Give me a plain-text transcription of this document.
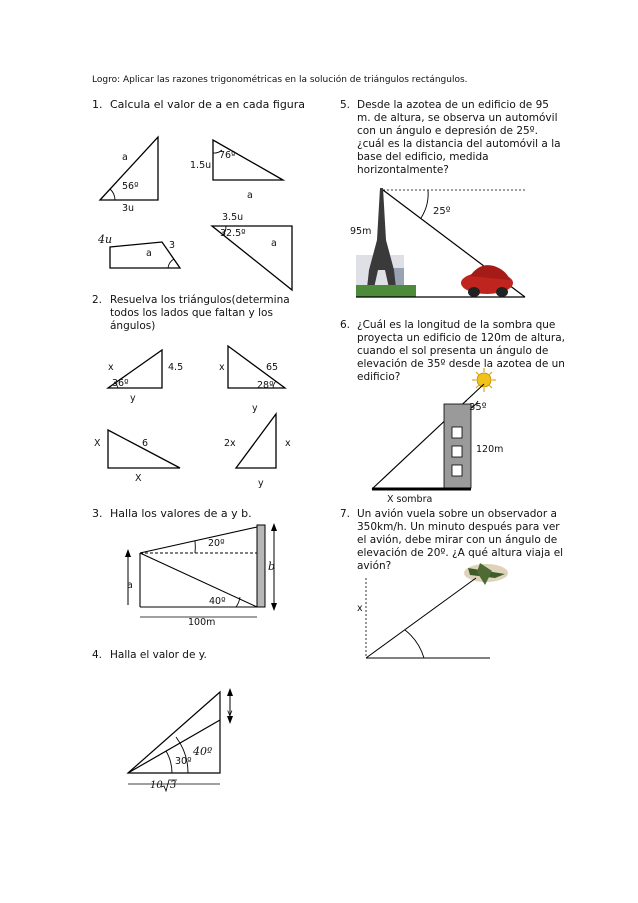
Logro: Aplicar las razones trigonométricas en la solución de triángulos rectángulos.
1. Calcula el valor de a en cada figura
a
56º
3u
76º
1.5u
a
4u	3
a
3.5u
32.5º
a
2. Resuelva los triángulos(determina
todos los lados que faltan y los
ángulos)
x	4.5
36º
y
x	65
28º
y
X	6
X
2x	x
y
3. Halla los valores de a y b.
20º
40º
a
b
100m
4. Halla el valor de y.
40º
30º
y
10 3
5. Desde la azotea de un edificio de 95
m. de altura, se observa un automóvil
con un ángulo e depresión de 25º.
¿cuál es la distancia del automóvil a la
base del edificio, medida
horizontalmente?
25º
95m
6. ¿Cuál es la longitud de la sombra que
proyecta un edificio de 120m de altura,
cuando el sol presenta un ángulo de
elevación de 35º desde la azotea de un
edificio?
35º
120m
X sombra
7. Un avión vuela sobre un observador a
350km/h. Un minuto después para ver
el avión, debe mirar con un ángulo de
elevación de 20º. ¿A qué altura viaja el
avión?
x
